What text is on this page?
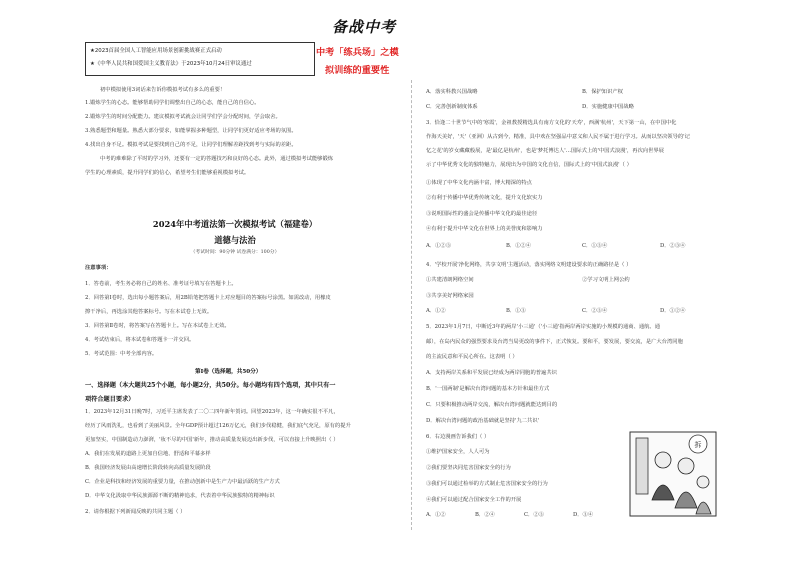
★2023首届全国人工智能应用场景创新挑战赛正式启动
★《中华人民共和国爱国主义教育法》于2023年10月24日审议通过
备战中考
中考「练兵场」之模
拟训练的重要性
初中模拟使用3词话来告诉你模拟考试有多么的重要！
1.锻炼学生的心态。能够帮助同学们调整出自己的心态，能自己的自信心。
2.锻炼学生的时间分配能力。建议模拟考试就会让同学们学会分配时间，学会取舍。
3.熟悉题型和题量。熟悉大部分要求，如能掌握多种题型，让同学们更好适应考场的氛围。
4.找出自身不足。模拟考试是要找到自己的不足，让同学们理解差距找到考与实际的差距。
中考的难难除了平时的学习外，还要有一定的答题技巧和良好的心态。此外，通过模拟考试能够锻炼
学生的心理素质，提升同学们的信心，希望考生们能够重视模拟考试。
2024年中考道法第一次模拟考试（福建卷）
道德与法治
（考试时间：90分钟 试卷满分：100分）
注意事项：
1．答卷前，考生务必将自己的姓名、准考证号填写在答题卡上。
2．回答第Ⅰ卷时，选出每小题答案后，用2B铅笔把答题卡上对应题目的答案标号涂黑。如需改动，用橡皮
擦干净后，再选涂其他答案标号。写在本试卷上无效。
3．回答第Ⅱ卷时，将答案写在答题卡上。写在本试卷上无效。
4．考试结束后，将本试卷和答题卡一并交回。
5．考试范围：中考全部内容。
第Ⅰ卷（选择题，共50分）
一、选择题（本大题共25个小题，每小题2分，共50分。每小题均有四个选项，其中只有一
项符合题目要求）
1．2023年12月31日晚7时，习近平主席发表了二〇二四年新年贺词。回望2023年，这一年确实很不平凡，
经历了风雨洗礼，也看到了美丽风景。全年GDP预计超过126万亿元，我们步伐稳健，我们底气充足，原有的提升
更加坚实，中国制造动力澎湃，'妆不尽的中国'新年，推动高质量发展迈出新步伐，可以直接上升映照出（ ）
A．我们在发展的道路上更加自信地、舒适和平幕多样
B．我国经济发展由高速增长阶段转向高质量发展阶段
C．企业是科技和经济发展的重要力量，在推动创新中是生产力中最活跃的生产方式
D．中华文化汲取中华民族源源不断的精神追求，代表着中华民族独特的精神标识
2．请你根据下列新闻反映的共同主题（ ）
A．落实科教兴国战略	B．保护知识产权
C．完善创新制度体系	D．实施健康中国战略
3．恰逢二十世节气中的'寒霞'，金祖教授精选具有南方文化的'天寿'，西满'杭州'，天下第一山，在中国中化
作海天美好，'天'（亚洲）从古到今，精准，具中欢在坚强品中意义和人民不属于进行学习。从而以坚决领导的'记
忆之花'的岁女藏藏般展，是'最亿是杭州'，也是'梦托博达人'…国际式上的'中国式浪漫'，再次向世界展
示了中华优秀文化的独特魅力，展现出为中国的文化自信，国际式上的'中国式浪漫'（ ）
①体现了中华文化内涵丰富，博大精深的特点
②有利于传播中华优秀传统文化，提升文化软实力
③说明国际性的盛会是传播中华文化的最佳途径
④有利于提升中华文化在世界上的美誉度和影响力
A．①②③	B．①②④	C．①③④	D．②③④
4．'学校开展'净化网络，共享文明'主题活动，落实网络文明建设要求的正确路径是（ ）
①共建清朗网络空间	②学习文明上网公约
③共享美好网络家园
A．①②	B．①③	C．②③④	D．①②④
5．2023年1月7日，中断近3年的两岸'小三通'（'小三通'指两岸两岸实施的小规模的通商、通航、通
邮），在岛内民众的强烈要求及台湾当局更改的事件下，正式恢复。要和平，要发展，要交流，是广大台湾同胞
的主流民意和平民心所在。这表明（ ）
A．支持两岸关系和平发展已经成为两岸同胞的普遍共识
B．'一国两制'是解决台湾问题的基本方针和最佳方式
C．只要积极推动两岸交流，解决台湾问题就能达到目的
D．解决台湾问题的政治基础就是坚持'九二共识'
6．右边漫画告诉我们（ ）
①维护国家安全，人人可为
②我们要坚决同危害国家安全的行为
③我们可以通过检举的方式制止危害国家安全的行为
④我们可以通过配合国家安全工作的开展
A．①②	B．②④	C．②③	D．③④
拆
